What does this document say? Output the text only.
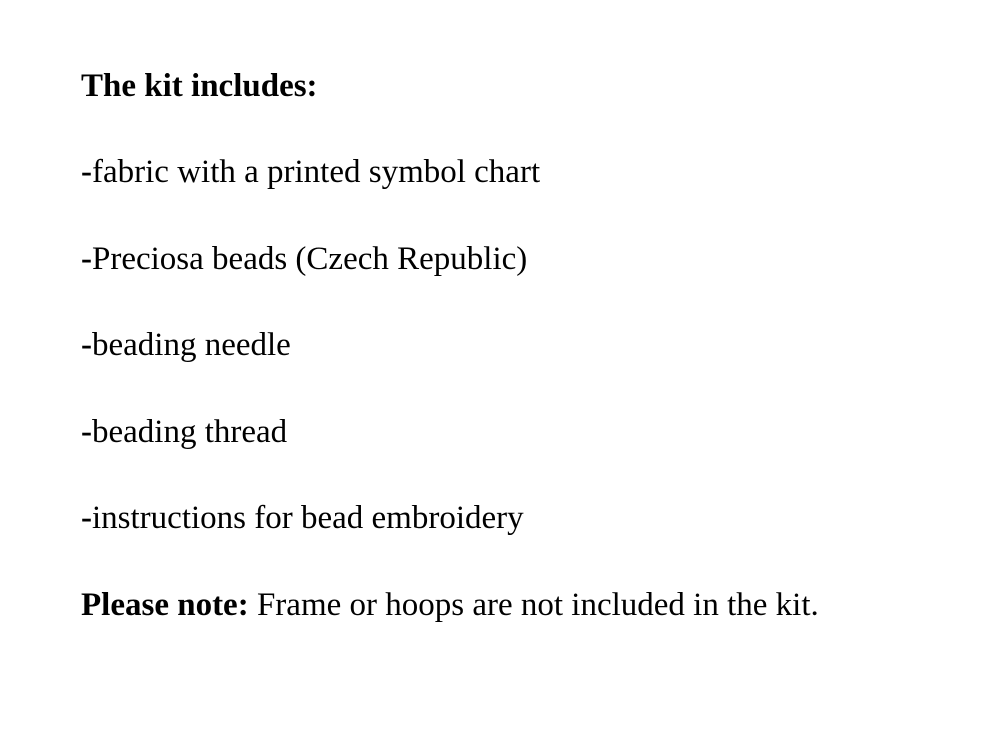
The kit includes:
-fabric with a printed symbol chart
-Preciosa beads (Czech Republic)
-beading needle
-beading thread
-instructions for bead embroidery
Please note: Frame or hoops are not included in the kit.
